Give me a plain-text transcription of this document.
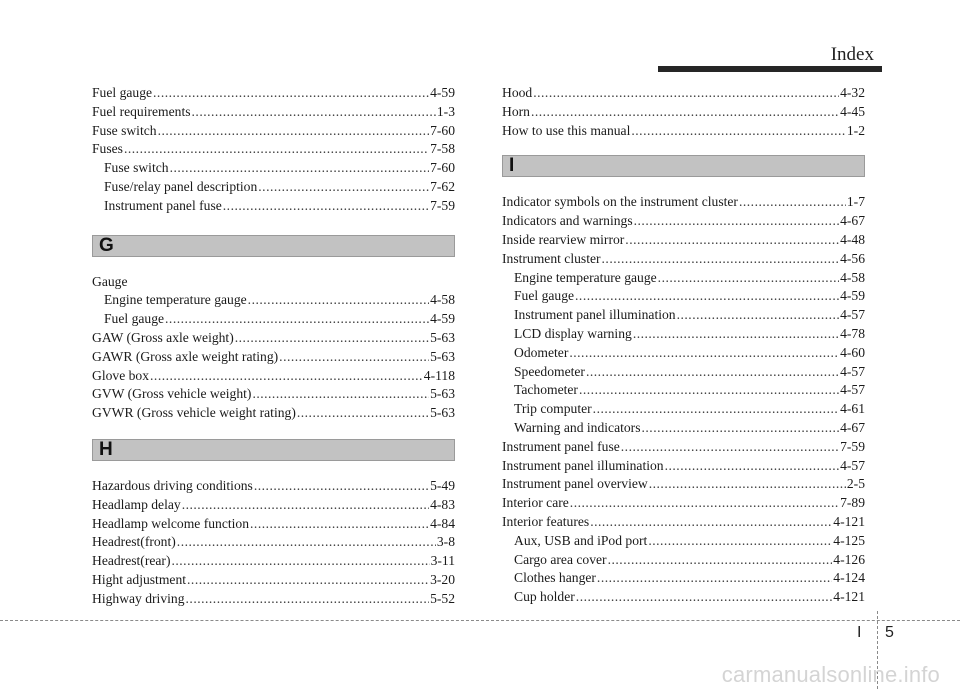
Index
Fuel gauge .....	4-59
Fuel requirements .....	1-3
Fuse switch .....	7-60
Fuses .....	7-58
Fuse switch .....	7-60
Fuse/relay panel description .....	7-62
Instrument panel fuse .....	7-59
G
Gauge
Engine temperature gauge .....	4-58
Fuel gauge .....	4-59
GAW (Gross axle weight) .....	5-63
GAWR (Gross axle weight rating) .....	5-63
Glove box .....	4-118
GVW (Gross vehicle weight) .....	5-63
GVWR (Gross vehicle weight rating) .....	5-63
H
Hazardous driving conditions .....	5-49
Headlamp delay .....	4-83
Headlamp welcome function .....	4-84
Headrest(front) .....	3-8
Headrest(rear) .....	3-11
Hight adjustment .....	3-20
Highway driving .....	5-52
Hood .....	4-32
Horn .....	4-45
How to use this manual .....	1-2
I
Indicator symbols on the instrument cluster .....	1-7
Indicators and warnings .....	4-67
Inside rearview mirror .....	4-48
Instrument cluster .....	4-56
Engine temperature gauge .....	4-58
Fuel gauge .....	4-59
Instrument panel illumination .....	4-57
LCD display warning .....	4-78
Odometer .....	4-60
Speedometer .....	4-57
Tachometer .....	4-57
Trip computer .....	4-61
Warning and indicators .....	4-67
Instrument panel fuse .....	7-59
Instrument panel illumination .....	4-57
Instrument panel overview .....	2-5
Interior care .....	7-89
Interior features .....	4-121
Aux, USB and iPod port .....	4-125
Cargo area cover .....	4-126
Clothes hanger .....	4-124
Cup holder .....	4-121
I 5
carmanualsonline.info
